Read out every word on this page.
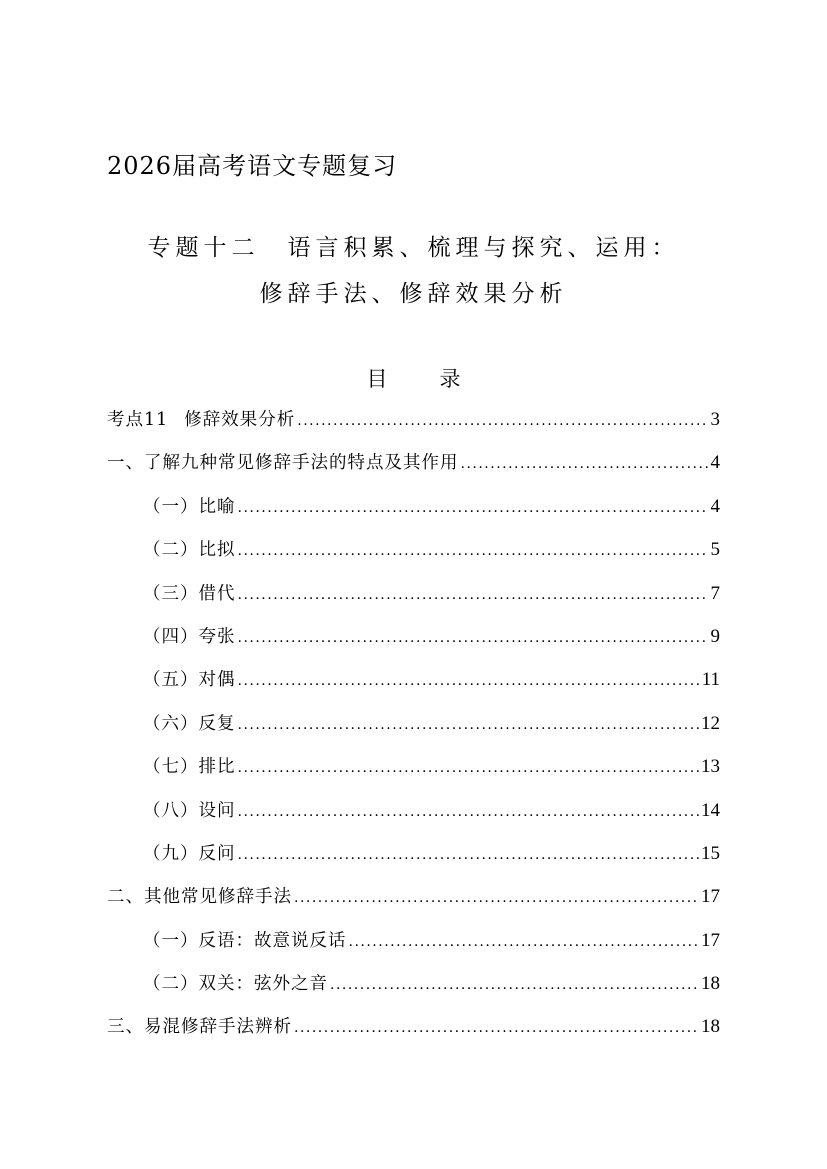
2026届高考语文专题复习
专题十二　语言积累、梳理与探究、运用：
修辞手法、修辞效果分析
目 录
考点11 修辞效果分析 .....	3
一、了解九种常见修辞手法的特点及其作用 .....	4
（一）比喻 .....	4
（二）比拟 .....	5
（三）借代 .....	7
（四）夸张 .....	9
（五）对偶 .....	11
（六）反复 .....	12
（七）排比 .....	13
（八）设问 .....	14
（九）反问 .....	15
二、其他常见修辞手法 .....	17
（一）反语：故意说反话 .....	17
（二）双关：弦外之音 .....	18
三、易混修辞手法辨析 .....	18
